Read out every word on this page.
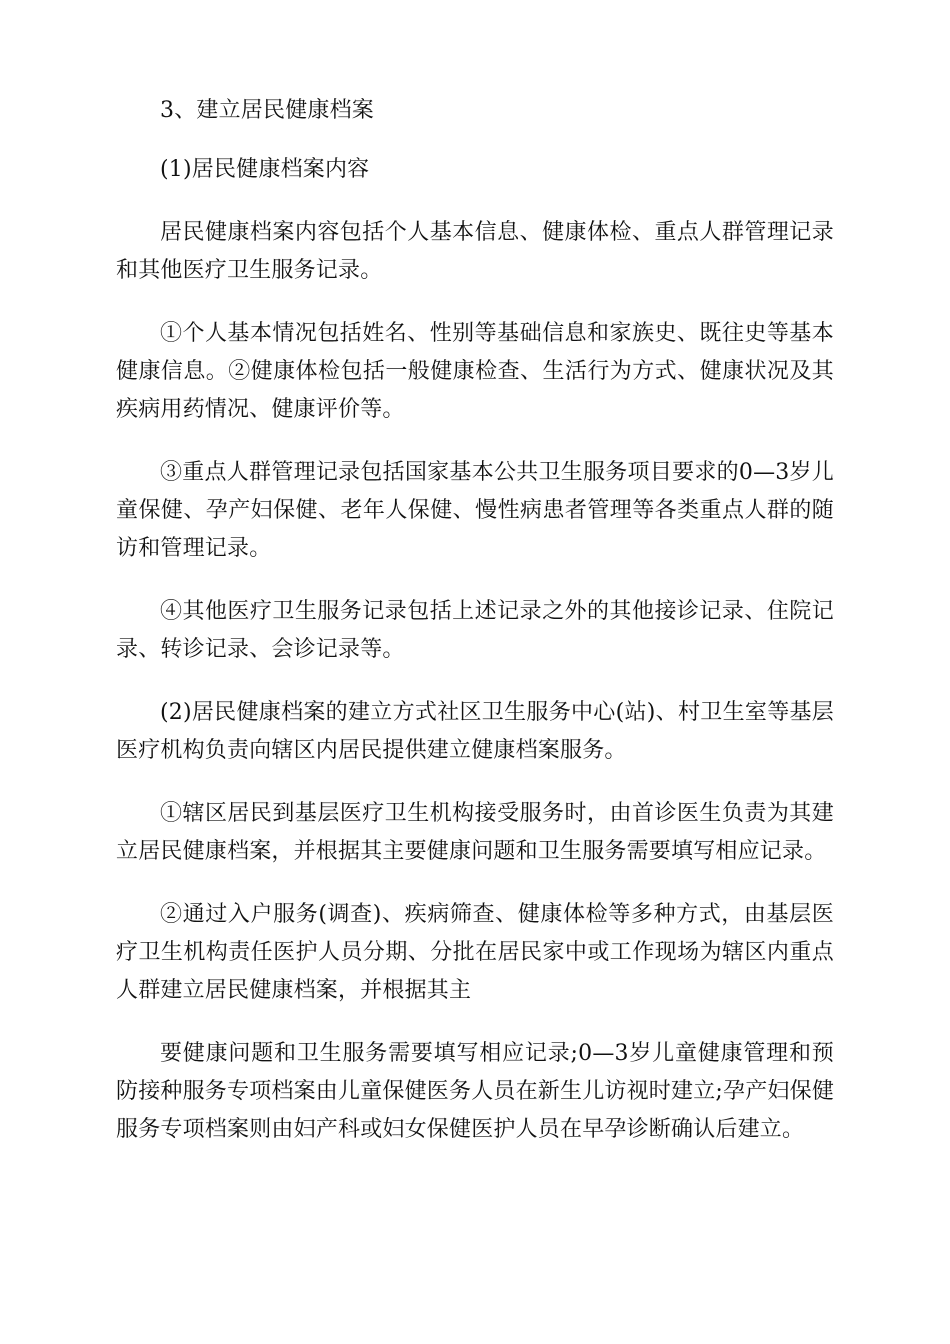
3、建立居民健康档案

(1)居民健康档案内容

居民健康档案内容包括个人基本信息、健康体检、重点人群管理记录和其他医疗卫生服务记录。

①个人基本情况包括姓名、性别等基础信息和家族史、既往史等基本健康信息。②健康体检包括一般健康检查、生活行为方式、健康状况及其疾病用药情况、健康评价等。

③重点人群管理记录包括国家基本公共卫生服务项目要求的0—3岁儿童保健、孕产妇保健、老年人保健、慢性病患者管理等各类重点人群的随访和管理记录。

④其他医疗卫生服务记录包括上述记录之外的其他接诊记录、住院记录、转诊记录、会诊记录等。

(2)居民健康档案的建立方式社区卫生服务中心(站)、村卫生室等基层医疗机构负责向辖区内居民提供建立健康档案服务。

①辖区居民到基层医疗卫生机构接受服务时，由首诊医生负责为其建立居民健康档案，并根据其主要健康问题和卫生服务需要填写相应记录。

②通过入户服务(调查)、疾病筛查、健康体检等多种方式，由基层医疗卫生机构责任医护人员分期、分批在居民家中或工作现场为辖区内重点人群建立居民健康档案，并根据其主

要健康问题和卫生服务需要填写相应记录;0—3岁儿童健康管理和预防接种服务专项档案由儿童保健医务人员在新生儿访视时建立;孕产妇保健服务专项档案则由妇产科或妇女保健医护人员在早孕诊断确认后建立。
